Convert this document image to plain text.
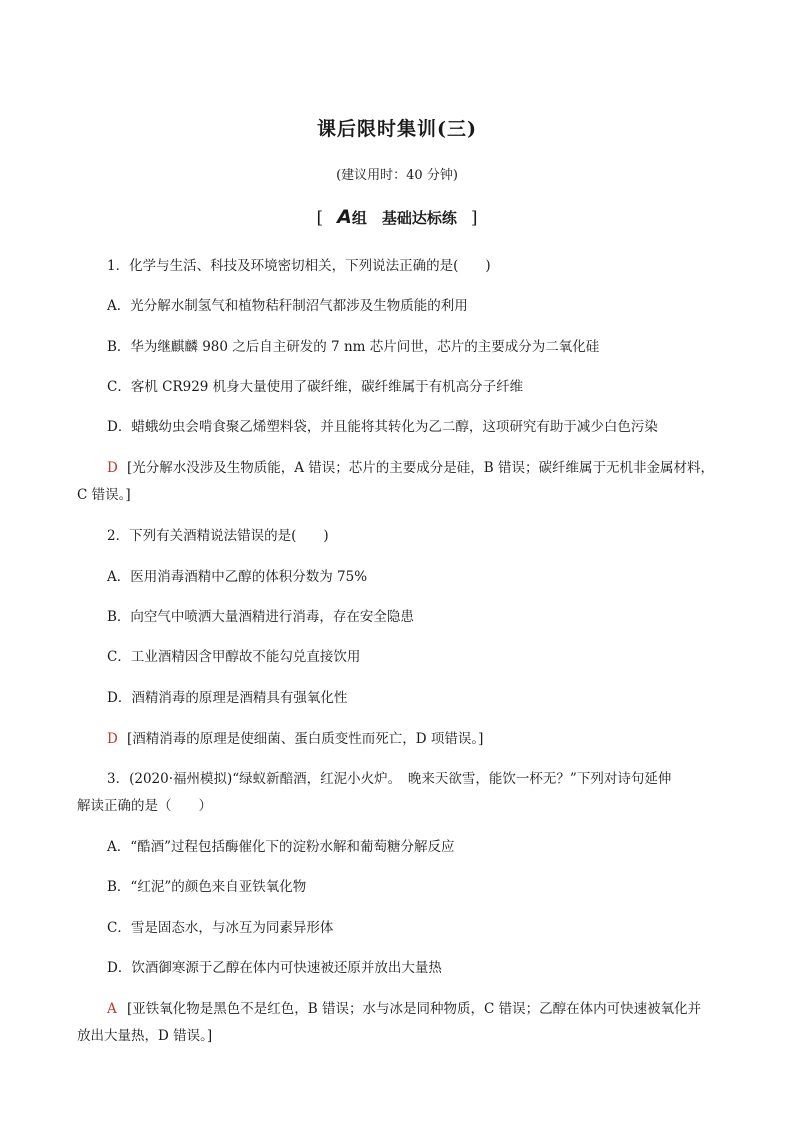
课后限时集训(三)
(建议用时：40 分钟)
[ A组　基础达标练 ]
1．化学与生活、科技及环境密切相关，下列说法正确的是(　　)
A．光分解水制氢气和植物秸秆制沼气都涉及生物质能的利用
B．华为继麒麟 980 之后自主研发的 7 nm 芯片问世，芯片的主要成分为二氧化硅
C．客机 CR929 机身大量使用了碳纤维，碳纤维属于有机高分子纤维
D．蜡蛾幼虫会啃食聚乙烯塑料袋，并且能将其转化为乙二醇，这项研究有助于减少白色污染
D [光分解水没涉及生物质能，A 错误；芯片的主要成分是硅，B 错误；碳纤维属于无机非金属材料，
C 错误。]
2．下列有关酒精说法错误的是(　　)
A．医用消毒酒精中乙醇的体积分数为 75%
B．向空气中喷洒大量酒精进行消毒，存在安全隐患
C．工业酒精因含甲醇故不能勾兑直接饮用
D．酒精消毒的原理是酒精具有强氧化性
D [酒精消毒的原理是使细菌、蛋白质变性而死亡，D 项错误。]
3．(2020·福州模拟)“绿蚁新醅酒，红泥小火炉。　晚来天欲雪，能饮一杯无？”下列对诗句延伸
解读正确的是（　　）
A．“酷酒”过程包括酶催化下的淀粉水解和葡萄糖分解反应
B．“红泥”的颜色来自亚铁氧化物
C．雪是固态水，与冰互为同素异形体
D．饮酒御寒源于乙醇在体内可快速被还原并放出大量热
A [亚铁氧化物是黑色不是红色，B 错误；水与冰是同种物质，C 错误；乙醇在体内可快速被氧化并
放出大量热，D 错误。]
